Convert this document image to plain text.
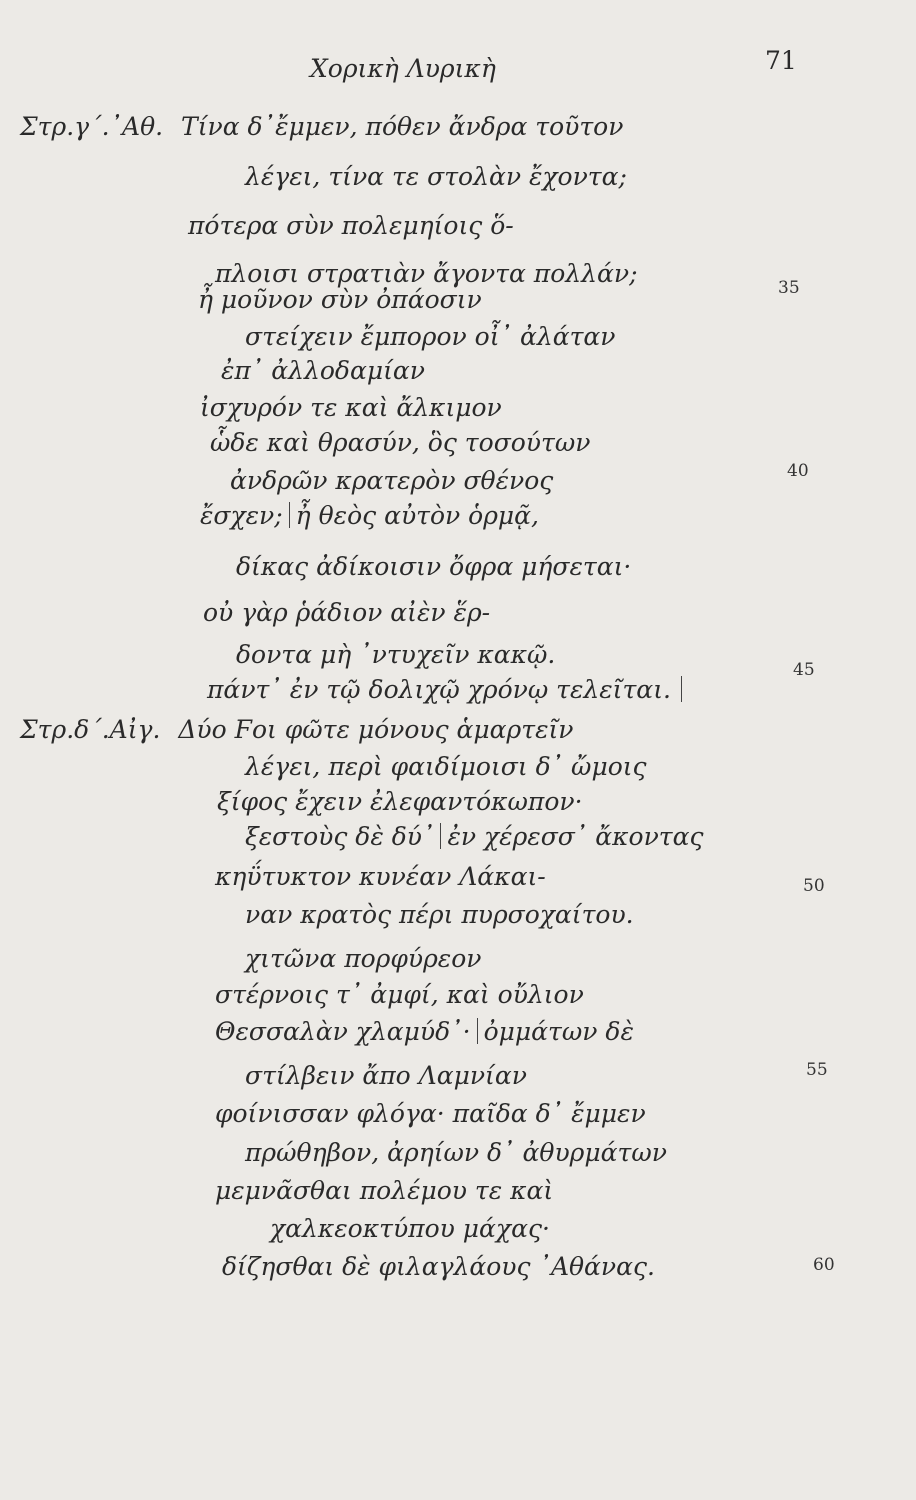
Χορικὴ Λυρικὴ	71
Στρ.γ΄.᾿Αθ. Τίνα δ᾿ἔμμεν, πόθεν ἄνδρα τοῦτον
λέγει, τίνα τε στολὰν ἔχοντα;
πότερα σὺν πολεμηίοις ὅ-
πλοισι στρατιὰν ἄγοντα πολλάν;
ἦ μοῦνον σὺν ὀπάοσιν
στείχειν ἔμπορον οἶ᾿ ἀλάταν
ἐπ᾿ ἀλλοδαμίαν
ἰσχυρόν τε καὶ ἄλκιμον
ὧδε καὶ θρασύν, ὃς τοσούτων
ἀνδρῶν κρατερὸν σθένος
ἔσχεν; ἦ θεὸς αὐτὸν ὁρμᾷ,
δίκας ἀδίκοισιν ὄφρα μήσεται·
οὐ γὰρ ῥάδιον αἰὲν ἕρ-
δοντα μὴ ᾿ντυχεῖν κακῷ.
πάντ᾿ ἐν τῷ δολιχῷ χρόνῳ τελεῖται.
Στρ.δ΄.Αἰγ. Δύο Ϝοι φῶτε μόνους ἁμαρτεῖν
λέγει, περὶ φαιδίμοισι δ᾿ ὤμοις
ξίφος ἔχειν ἐλεφαντόκωπον·
ξεστοὺς δὲ δύ᾿ ἐν χέρεσσ᾿ ἄκοντας
κηΰτυκτον κυνέαν Λάκαι-
ναν κρατὸς πέρι πυρσοχαίτου.
χιτῶνα πορφύρεον
στέρνοις τ᾿ ἀμφί, καὶ οὔλιον
Θεσσαλὰν χλαμύδ᾿· ὀμμάτων δὲ
στίλβειν ἄπο Λαμνίαν
φοίνισσαν φλόγα· παῖδα δ᾿ ἔμμεν
πρώθηβον, ἀρηίων δ᾿ ἀθυρμάτων
μεμνᾶσθαι πολέμου τε καὶ
χαλκεοκτύπου μάχας·
δίζησθαι δὲ φιλαγλάους ᾿Αθάνας.
35
40
45
50
55
60
